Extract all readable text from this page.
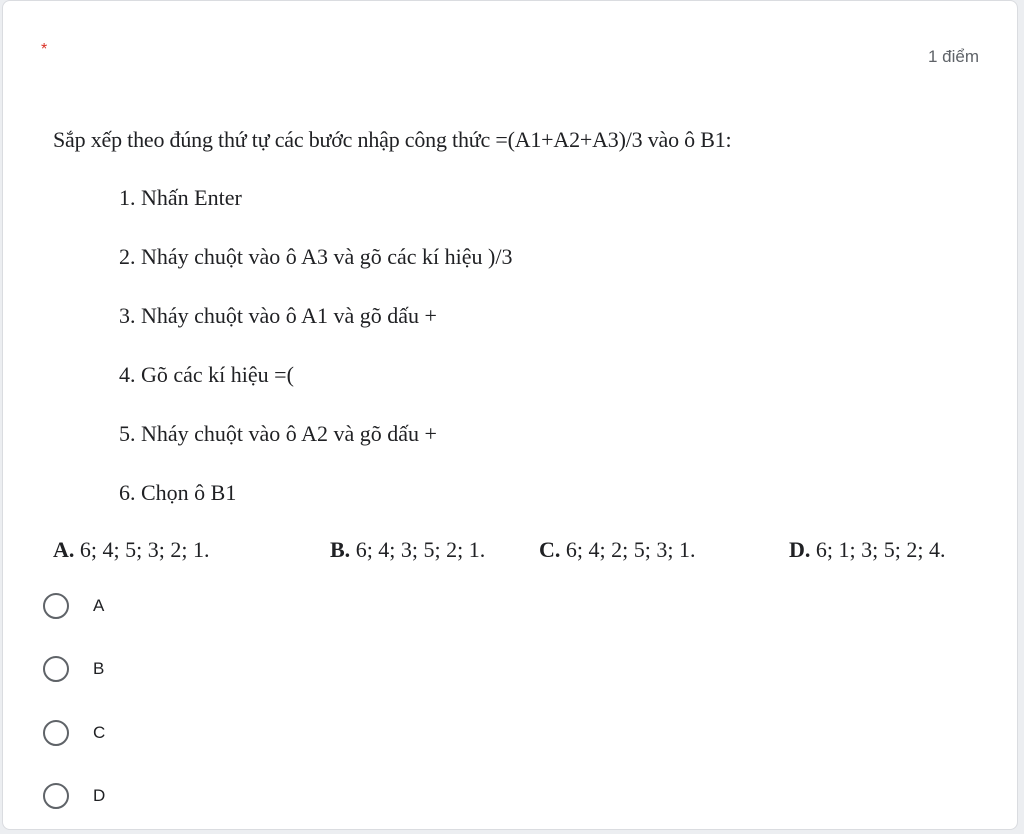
*	1 điểm
Sắp xếp theo đúng thứ tự các bước nhập công thức =(A1+A2+A3)/3 vào ô B1:
1. Nhấn Enter
2. Nháy chuột vào ô A3 và gõ các kí hiệu )/3
3. Nháy chuột vào ô A1 và gõ dấu +
4. Gõ các kí hiệu =(
5. Nháy chuột vào ô A2 và gõ dấu +
6. Chọn ô B1
A. 6; 4; 5; 3; 2; 1.	B. 6; 4; 3; 5; 2; 1. C. 6; 4; 2; 5; 3; 1.	D. 6; 1; 3; 5; 2; 4.
A
B
C
D
